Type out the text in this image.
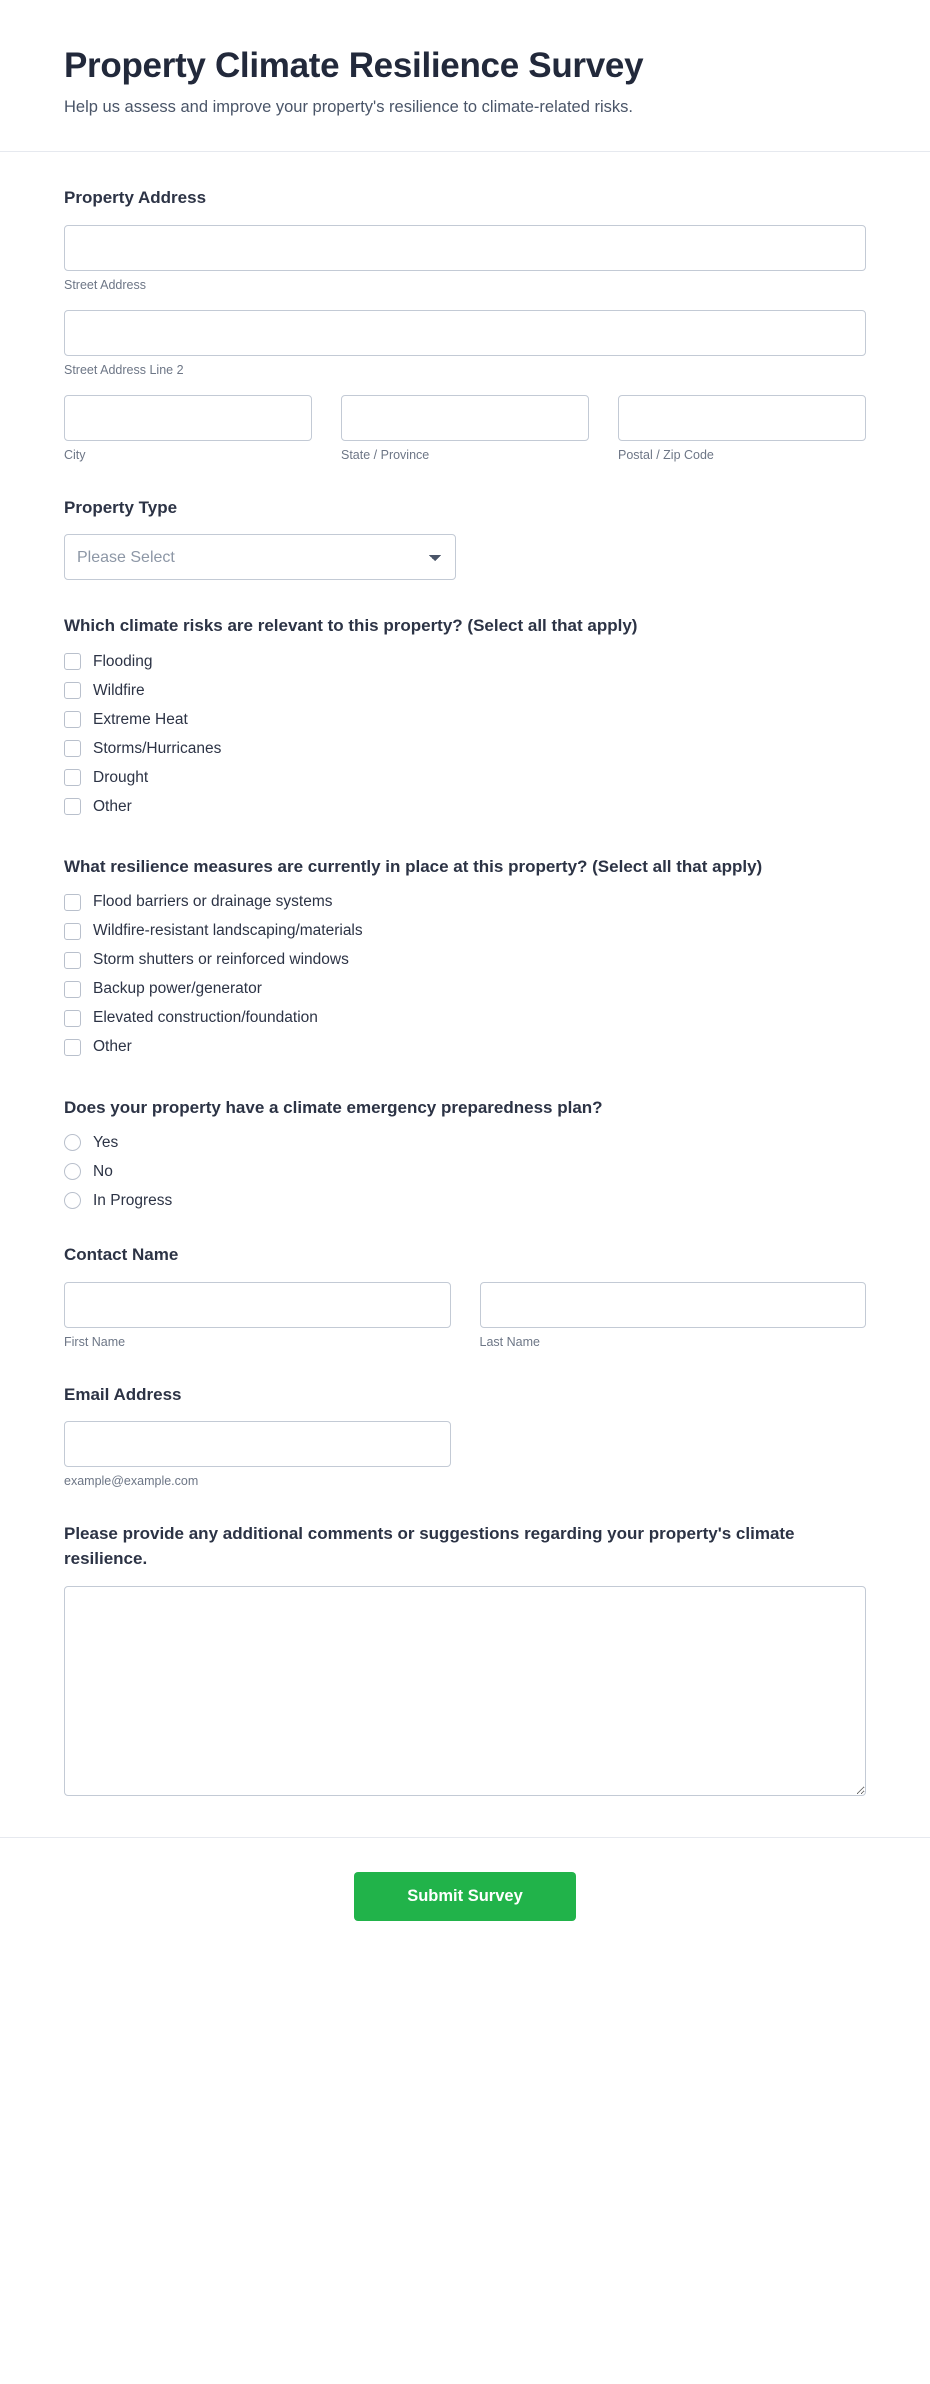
Property Climate Resilience Survey

Help us assess and improve your property's resilience to climate-related risks.

Property Address
Street Address
Street Address Line 2
City	State / Province	Postal / Zip Code
Property Type
Please Select
Which climate risks are relevant to this property? (Select all that apply)
Flooding
Wildfire
Extreme Heat
Storms/Hurricanes
Drought
Other
What resilience measures are currently in place at this property? (Select all that apply)
Flood barriers or drainage systems
Wildfire-resistant landscaping/materials
Storm shutters or reinforced windows
Backup power/generator
Elevated construction/foundation
Other
Does your property have a climate emergency preparedness plan?
Yes
No
In Progress
Contact Name
First Name	Last Name
Email Address
example@example.com
Please provide any additional comments or suggestions regarding your property's climate resilience.
Submit Survey
